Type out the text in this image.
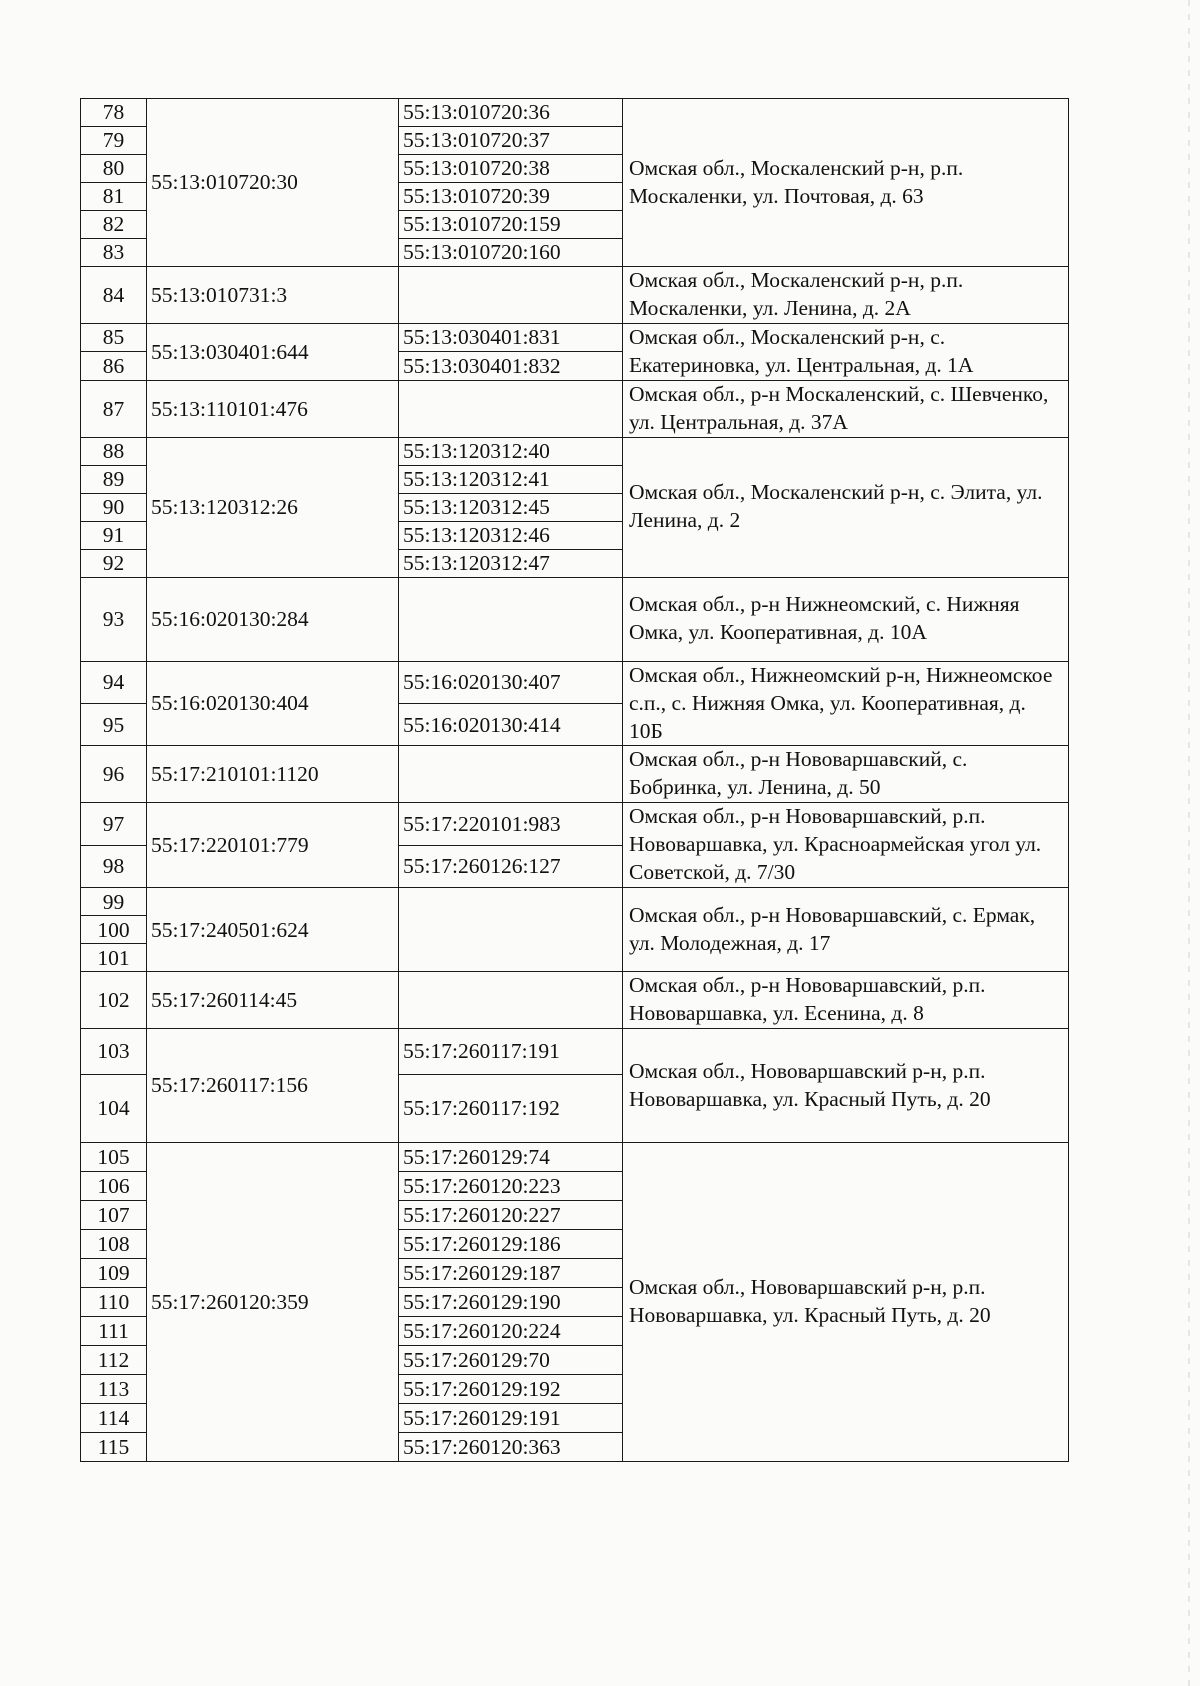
78	55:13:010720:30	55:13:010720:36	Омская обл., Москаленский р-н, р.п. Москаленки, ул. Почтовая, д. 63
79		55:13:010720:37	
80		55:13:010720:38	
81		55:13:010720:39	
82		55:13:010720:159	
83		55:13:010720:160	
84	55:13:010731:3		Омская обл., Москаленский р-н, р.п. Москаленки, ул. Ленина, д. 2А
85	55:13:030401:644	55:13:030401:831	Омская обл., Москаленский р-н, с. Екатериновка, ул. Центральная, д. 1А
86		55:13:030401:832	
87	55:13:110101:476		Омская обл., р-н Москаленский, с. Шевченко, ул. Центральная, д. 37А
88	55:13:120312:26	55:13:120312:40	Омская обл., Москаленский р-н, с. Элита, ул. Ленина, д. 2
89		55:13:120312:41	
90		55:13:120312:45	
91		55:13:120312:46	
92		55:13:120312:47	
93	55:16:020130:284		Омская обл., р-н Нижнеомский, с. Нижняя Омка, ул. Кооперативная, д. 10А
94	55:16:020130:404	55:16:020130:407	Омская обл., Нижнеомский р-н, Нижнеомское с.п., с. Нижняя Омка, ул. Кооперативная, д. 10Б
95		55:16:020130:414	
96	55:17:210101:1120		Омская обл., р-н Нововаршавский, с. Бобринка, ул. Ленина, д. 50
97	55:17:220101:779	55:17:220101:983	Омская обл., р-н Нововаршавский, р.п. Нововаршавка, ул. Красноармейская угол ул. Советской, д. 7/30
98		55:17:260126:127	
99	55:17:240501:624		Омская обл., р-н Нововаршавский, с. Ермак, ул. Молодежная, д. 17
100			
101			
102	55:17:260114:45		Омская обл., р-н Нововаршавский, р.п. Нововаршавка, ул. Есенина, д. 8
103	55:17:260117:156	55:17:260117:191	Омская обл., Нововаршавский р-н, р.п. Нововаршавка, ул. Красный Путь, д. 20
104		55:17:260117:192	
105	55:17:260120:359	55:17:260129:74	Омская обл., Нововаршавский р-н, р.п. Нововаршавка, ул. Красный Путь, д. 20
106		55:17:260120:223	
107		55:17:260120:227	
108		55:17:260129:186	
109		55:17:260129:187	
110		55:17:260129:190	
111		55:17:260120:224	
112		55:17:260129:70	
113		55:17:260129:192	
114		55:17:260129:191	
115		55:17:260120:363	
